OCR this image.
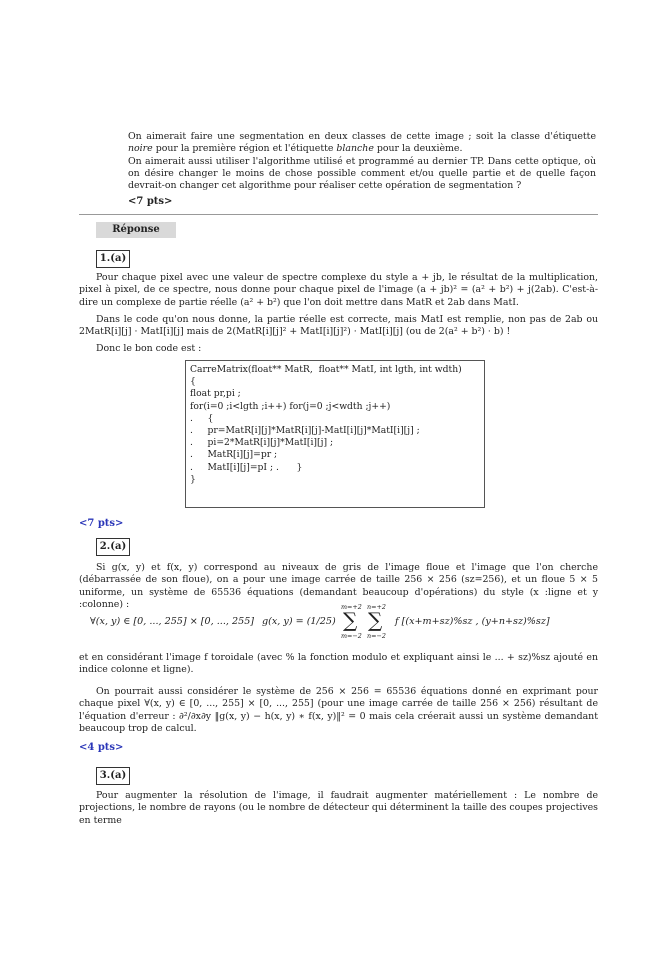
On aimerait faire une segmentation en deux classes de cette image ; soit la classe d'étiquette noire pour la première région et l'étiquette blanche pour la deuxième.
On aimerait aussi utiliser l'algorithme utilisé et programmé au dernier TP. Dans cette optique, où on désire changer le moins de chose possible comment et/ou quelle partie et de quelle façon devrait-on changer cet algorithme pour réaliser cette opération de segmentation ?

<7 pts>
Réponse
1.(a)

Pour chaque pixel avec une valeur de spectre complexe du style a + jb, le résultat de la multiplication, pixel à pixel, de ce spectre, nous donne pour chaque pixel de l'image (a + jb)² = (a² + b²) + j(2ab). C'est-à-dire un complexe de partie réelle (a² + b²) que l'on doit mettre dans MatR et 2ab dans MatI.

Dans le code qu'on nous donne, la partie réelle est correcte, mais MatI est remplie, non pas de 2ab ou 2MatR[i][j] · MatI[i][j] mais de 2(MatR[i][j]² + MatI[i][j]²) · MatI[i][j] (ou de 2(a² + b²) · b) !

Donc le bon code est :

CarreMatrix(float** MatR,  float** MatI, int lgth, int wdth)
{
float pr,pi ;
for(i=0 ;i<lgth ;i++) for(j=0 ;j<wdth ;j++)
.     {
.     pr=MatR[i][j]*MatR[i][j]-MatI[i][j]*MatI[i][j] ;
.     pi=2*MatR[i][j]*MatI[i][j] ;
.     MatR[i][j]=pr ;
.     MatI[i][j]=pI ; .      }
}
<7 pts>
2.(a)

Si g(x, y) et f(x, y) correspond au niveaux de gris de l'image floue et l'image que l'on cherche (débarrassée de son floue), on a pour une image carrée de taille 256 × 256 (sz=256), et un floue 5 × 5 uniforme, un système de 65536 équations (demandant beaucoup d'opérations) du style (x :ligne et y :colonne) :

∀(x, y) ∈ [0, ..., 255] × [0, ..., 255] g(x, y) = (1/25)
m=+2
∑
m=−2
n=+2
∑
n=−2
f [(x+m+sz)%sz , (y+n+sz)%sz]

et en considérant l'image f toroidale (avec % la fonction modulo et expliquant ainsi le ... + sz)%sz ajouté en indice colonne et ligne).

On pourrait aussi considérer le système de 256 × 256 = 65536 équations donné en exprimant pour chaque pixel ∀(x, y) ∈ [0, ..., 255] × [0, ..., 255] (pour une image carrée de taille 256 × 256) résultant de l'équation d'erreur : ∂²/∂x∂y ‖g(x, y) − h(x, y) ∗ f(x, y)‖² = 0 mais cela créerait aussi un système demandant beaucoup trop de calcul.

<4 pts>
3.(a)

Pour augmenter la résolution de l'image, il faudrait augmenter matériellement : Le nombre de projections, le nombre de rayons (ou le nombre de détecteur qui déterminent la taille des coupes projectives en terme
